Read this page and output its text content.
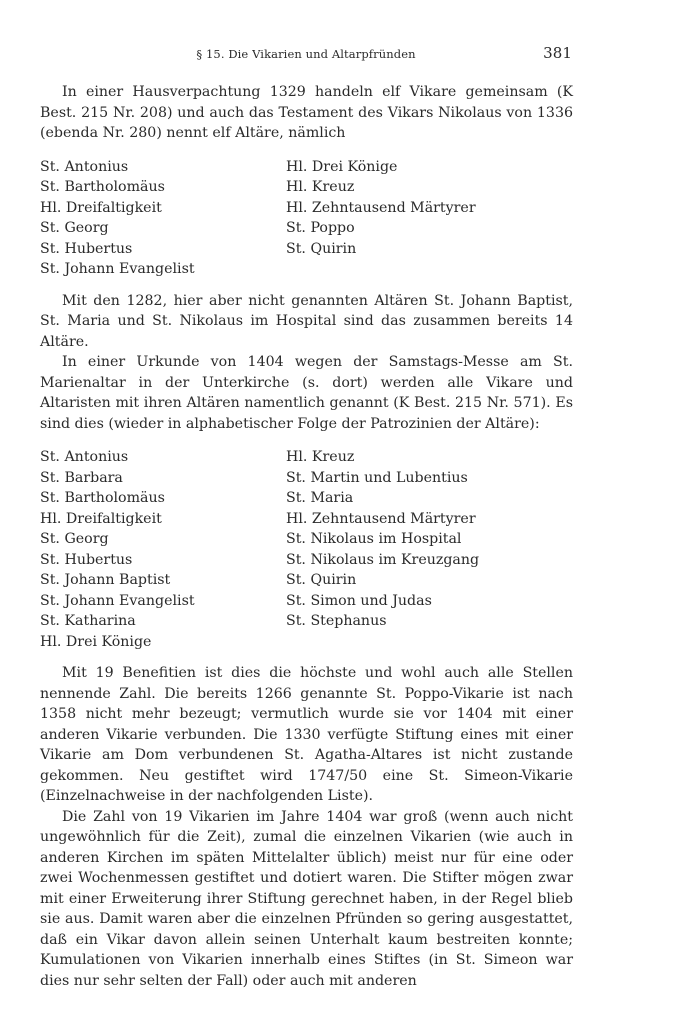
§ 15. Die Vikarien und Altarpfründen	381

In einer Hausverpachtung 1329 handeln elf Vikare gemeinsam (K Best. 215 Nr. 208) und auch das Testament des Vikars Nikolaus von 1336 (ebenda Nr. 280) nennt elf Altäre, nämlich

St. Antonius
St. Bartholomäus
Hl. Dreifaltigkeit
St. Georg
St. Hubertus
St. Johann Evangelist
Hl. Drei Könige
Hl. Kreuz
Hl. Zehntausend Märtyrer
St. Poppo
St. Quirin

Mit den 1282, hier aber nicht genannten Altären St. Johann Baptist, St. Maria und St. Nikolaus im Hospital sind das zusammen bereits 14 Altäre.

In einer Urkunde von 1404 wegen der Samstags-Messe am St. Marienaltar in der Unterkirche (s. dort) werden alle Vikare und Altaristen mit ihren Altären namentlich genannt (K Best. 215 Nr. 571). Es sind dies (wieder in alphabetischer Folge der Patrozinien der Altäre):

St. Antonius
St. Barbara
St. Bartholomäus
Hl. Dreifaltigkeit
St. Georg
St. Hubertus
St. Johann Baptist
St. Johann Evangelist
St. Katharina
Hl. Drei Könige
Hl. Kreuz
St. Martin und Lubentius
St. Maria
Hl. Zehntausend Märtyrer
St. Nikolaus im Hospital
St. Nikolaus im Kreuzgang
St. Quirin
St. Simon und Judas
St. Stephanus

Mit 19 Benefitien ist dies die höchste und wohl auch alle Stellen nennende Zahl. Die bereits 1266 genannte St. Poppo-Vikarie ist nach 1358 nicht mehr bezeugt; vermutlich wurde sie vor 1404 mit einer anderen Vikarie verbunden. Die 1330 verfügte Stiftung eines mit einer Vikarie am Dom verbundenen St. Agatha-Altares ist nicht zustande gekommen. Neu gestiftet wird 1747/50 eine St. Simeon-Vikarie (Einzelnachweise in der nachfolgenden Liste).

Die Zahl von 19 Vikarien im Jahre 1404 war groß (wenn auch nicht ungewöhnlich für die Zeit), zumal die einzelnen Vikarien (wie auch in anderen Kirchen im späten Mittelalter üblich) meist nur für eine oder zwei Wochenmessen gestiftet und dotiert waren. Die Stifter mögen zwar mit einer Erweiterung ihrer Stiftung gerechnet haben, in der Regel blieb sie aus. Damit waren aber die einzelnen Pfründen so gering ausgestattet, daß ein Vikar davon allein seinen Unterhalt kaum bestreiten konnte; Kumulationen von Vikarien innerhalb eines Stiftes (in St. Simeon war dies nur sehr selten der Fall) oder auch mit anderen
